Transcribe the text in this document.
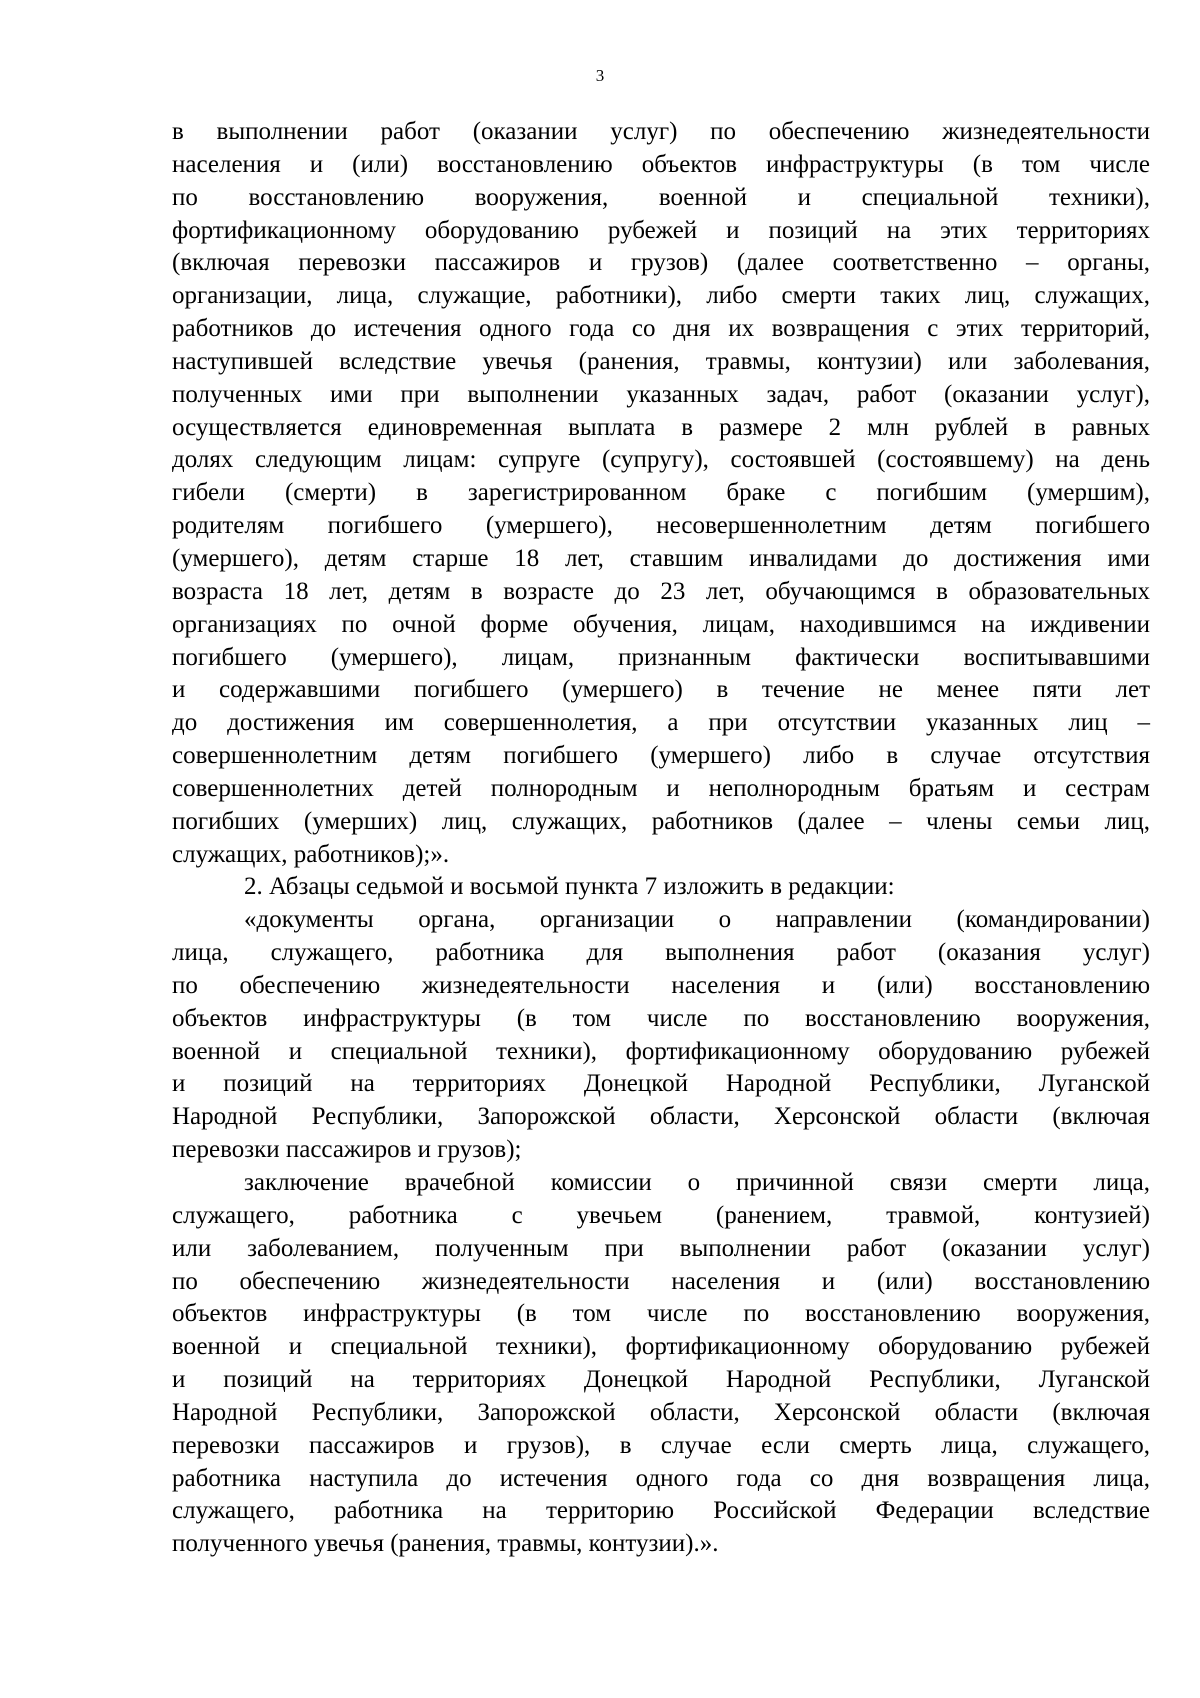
3
в выполнении работ (оказании услуг) по обеспечению жизнедеятельности
населения и (или) восстановлению объектов инфраструктуры (в том числе
по восстановлению вооружения, военной и специальной техники),
фортификационному оборудованию рубежей и позиций на этих территориях
(включая перевозки пассажиров и грузов) (далее соответственно – органы,
организации, лица, служащие, работники), либо смерти таких лиц, служащих,
работников до истечения одного года со дня их возвращения с этих территорий,
наступившей вследствие увечья (ранения, травмы, контузии) или заболевания,
полученных ими при выполнении указанных задач, работ (оказании услуг),
осуществляется единовременная выплата в размере 2 млн рублей в равных
долях следующим лицам: супруге (супругу), состоявшей (состоявшему) на день
гибели (смерти) в зарегистрированном браке с погибшим (умершим),
родителям погибшего (умершего), несовершеннолетним детям погибшего
(умершего), детям старше 18 лет, ставшим инвалидами до достижения ими
возраста 18 лет, детям в возрасте до 23 лет, обучающимся в образовательных
организациях по очной форме обучения, лицам, находившимся на иждивении
погибшего (умершего), лицам, признанным фактически воспитывавшими
и содержавшими погибшего (умершего) в течение не менее пяти лет
до достижения им совершеннолетия, а при отсутствии указанных лиц –
совершеннолетним детям погибшего (умершего) либо в случае отсутствия
совершеннолетних детей полнородным и неполнородным братьям и сестрам
погибших (умерших) лиц, служащих, работников (далее – члены семьи лиц,
служащих, работников);».
2. Абзацы седьмой и восьмой пункта 7 изложить в редакции:
«документы органа, организации о направлении (командировании)
лица, служащего, работника для выполнения работ (оказания услуг)
по обеспечению жизнедеятельности населения и (или) восстановлению
объектов инфраструктуры (в том числе по восстановлению вооружения,
военной и специальной техники), фортификационному оборудованию рубежей
и позиций на территориях Донецкой Народной Республики, Луганской
Народной Республики, Запорожской области, Херсонской области (включая
перевозки пассажиров и грузов);
заключение врачебной комиссии о причинной связи смерти лица,
служащего, работника с увечьем (ранением, травмой, контузией)
или заболеванием, полученным при выполнении работ (оказании услуг)
по обеспечению жизнедеятельности населения и (или) восстановлению
объектов инфраструктуры (в том числе по восстановлению вооружения,
военной и специальной техники), фортификационному оборудованию рубежей
и позиций на территориях Донецкой Народной Республики, Луганской
Народной Республики, Запорожской области, Херсонской области (включая
перевозки пассажиров и грузов), в случае если смерть лица, служащего,
работника наступила до истечения одного года со дня возвращения лица,
служащего, работника на территорию Российской Федерации вследствие
полученного увечья (ранения, травмы, контузии).».
